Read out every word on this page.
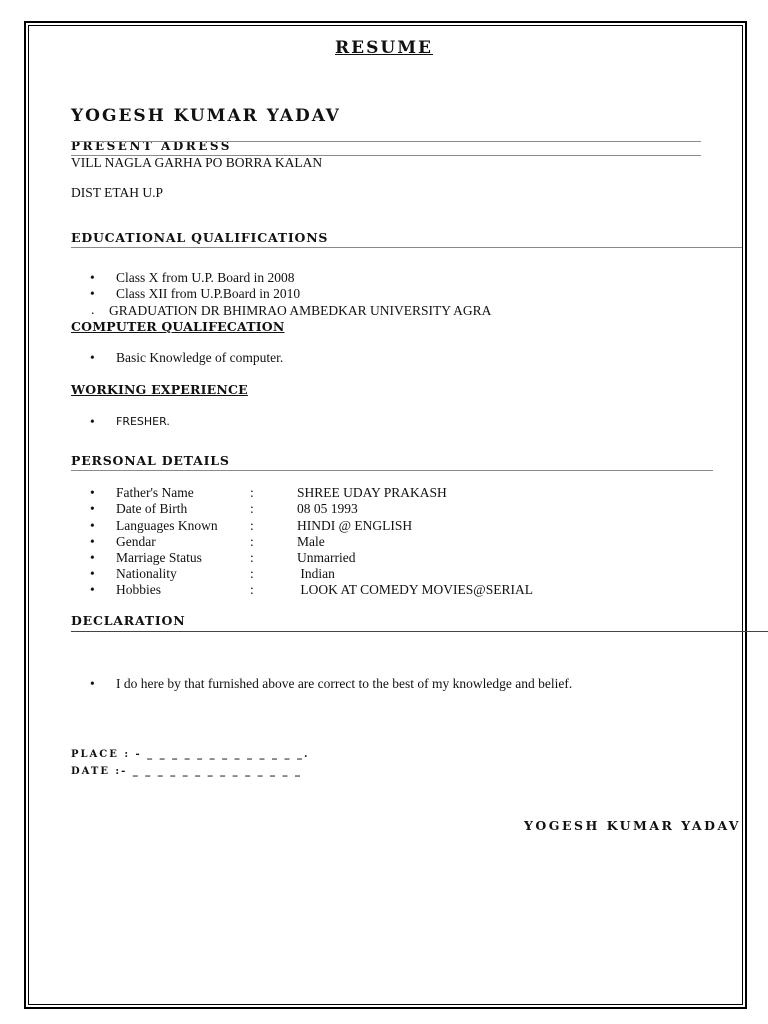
RESUME
YOGESH KUMAR YADAV
PRESENT ADRESS
VILL NAGLA GARHA PO BORRA KALAN
DIST ETAH U.P
EDUCATIONAL QUALIFICATIONS
• Class X from U.P. Board in 2008
• Class XII from U.P.Board in 2010
. GRADUATION DR BHIMRAO AMBEDKAR UNIVERSITY AGRA
COMPUTER QUALIFECATION
• Basic Knowledge of computer.
WORKING EXPERIENCE
• FRESHER.
PERSONAL DETAILS
• Father's Name	:	SHREE UDAY PRAKASH
• Date of Birth	:	08 05 1993
• Languages Known :	HINDI @ ENGLISH
• Gendar	:	Male
• Marriage Status	:	Unmarried
• Nationality	:	Indian
• Hobbies	:	LOOK AT COMEDY MOVIES@SERIAL
DECLARATION
• I do here by that furnished above are correct to the best of my knowledge and belief.
PLACE : - _ _ _ _ _ _ _ _ _ _ _ _ _.
DATE :- _ _ _ _ _ _ _ _ _ _ _ _ _ _
YOGESH KUMAR YADAV
